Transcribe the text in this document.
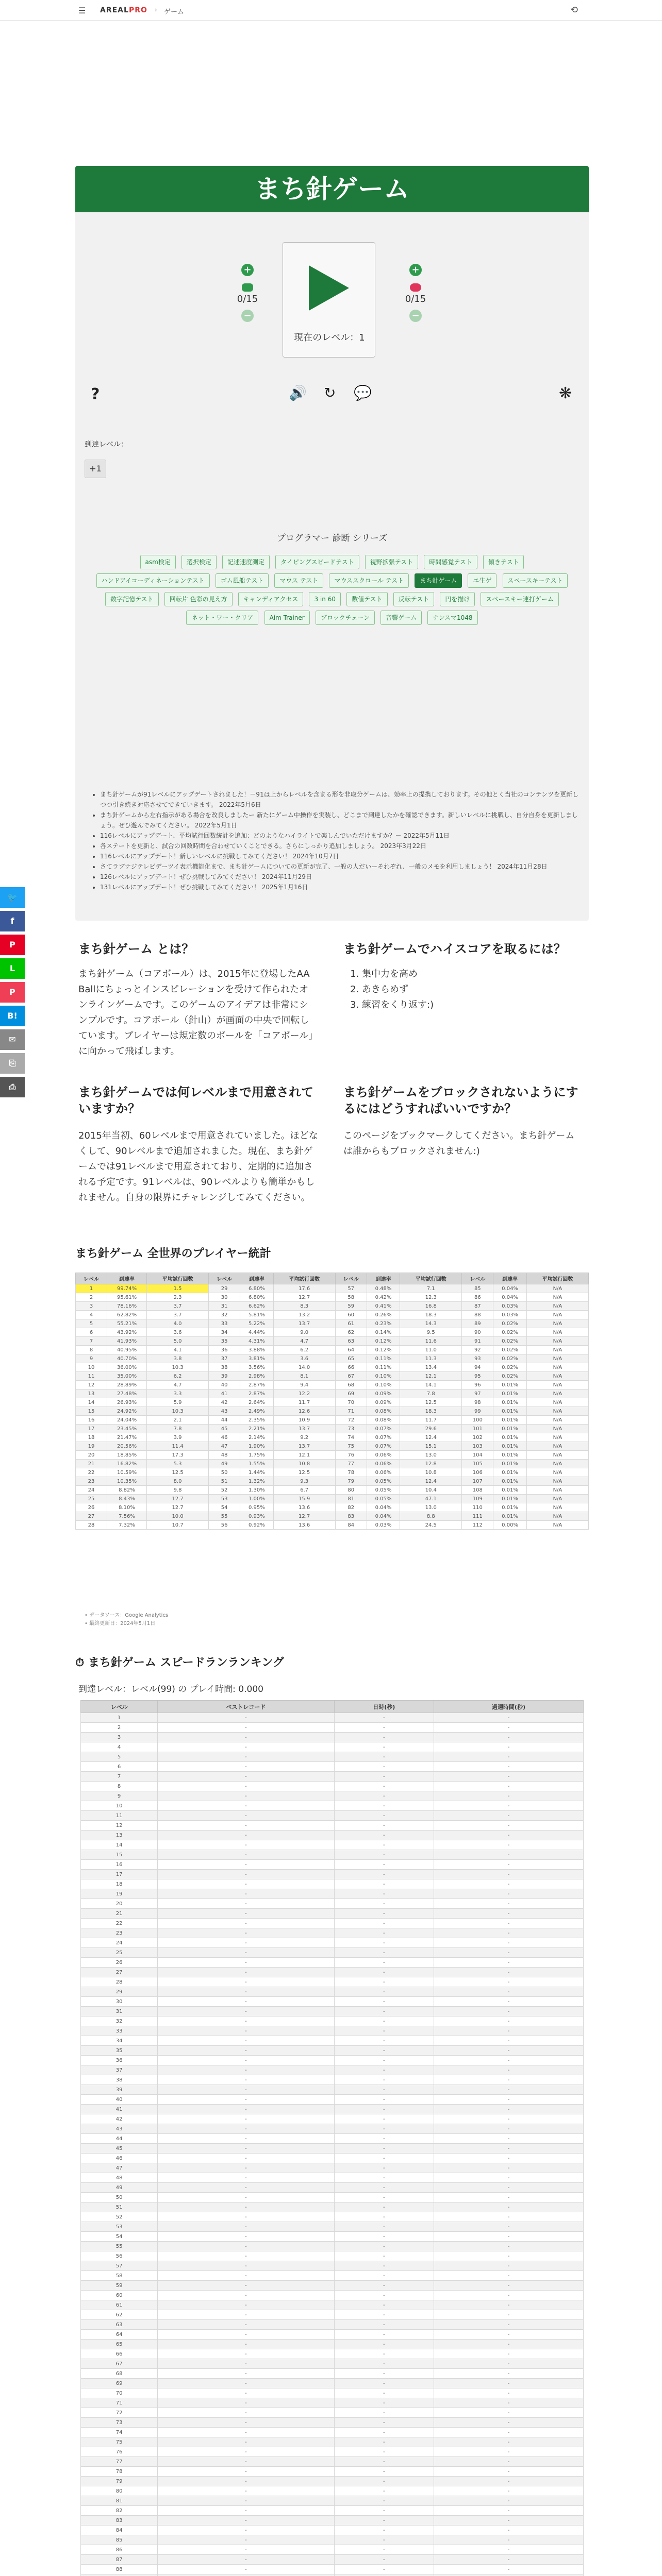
☰ AREALPRO › ゲーム	⟲
🐦
f
P
L
P
B!
✉
⎘
⎙
まち針ゲーム
+
0/15
−
現在のレベル：1
+
0/15
−
?	🔊 ↻ 💬	❋
到達レベル：
+1
プログラマー 診断 シリーズ
asm検定	選択検定	記述速度測定	タイピングスピードテスト	視野拡張テスト	時間感覚テスト	傾きテスト ハンドアイコーディネーションテスト	ゴム風船テスト	マウス テスト	マウススクロール テスト	まち針ゲーム	エ生ゲ	スペースキーテスト 数字記憶テスト	回転片 色彩の見え方	キャンディアクセス	3 in 60	数値テスト	反転テスト	円を描け	スペースキー連打ゲーム ネット・ワー・クリア	Aim Trainer	ブロックチェーン	音響ゲーム	ナンスマ1048
• まち針ゲームが91レベルにアップデートされました！－91は上からレベルを含まる形を非取分ゲームは、効率上の提携しております。その他とく当社のコンテンツを更新しつつ引き続き対応させてできていきます。 2022年5月6日
• まち針ゲームから左右指示がある場合を改良しましたー 新たにゲーム中操作を実装し、どこまで到達したかを確認できます。新しいレベルに挑戦し、自分自身を更新しましょう。ぜひ遊んでみてください。 2022年5月1日
• 116レベルにアップデート、平均試行回数統計を追加：どのようなハイライトで楽しんでいただけますか？－ 2022年5月11日
• 各ステートを更新と、試合の回数時間を合わせていくことできる。さらにしっかり追加しましょう。 2023年3月22日
• 116レベルにアップデート！新しいレベルに挑戦してみてください！ 2024年10月7日
• さてラブナジテレビデーツイ表示機能化まで、まち針ゲームについての更新が完了、一般の人だいーそれぞれ、一般のメモを利用しましょう！ 2024年11月28日
• 126レベルにアップデート！ぜひ挑戦してみてください！ 2024年11月29日
• 131レベルにアップデート！ぜひ挑戦してみてください！ 2025年1月16日
まち針ゲーム とは？
まち針ゲーム（コアボール）は、2015年に登場したAA Ballにちょっとインスピレーションを受けて作られたオンラインゲームです。このゲームのアイデアは非常にシンプルです。コアボール（針山）が画面の中央で回転しています。プレイヤーは規定数のボールを「コアボール」に向かって飛ばします。
まち針ゲームでハイスコアを取るには？
1. 集中力を高め
2. あきらめず
3. 練習をくり返す:)
まち針ゲームでは何レベルまで用意されていますか？
2015年当初、60レベルまで用意されていました。ほどなくして、90レベルまで追加されました。現在、まち針ゲームでは91レベルまで用意されており、定期的に追加される予定です。91レベルは、90レベルよりも簡単かもしれません。自身の限界にチャレンジしてみてください。
まち針ゲームをブロックされないようにするにはどうすればいいですか？
このページをブックマークしてください。まち針ゲームは誰からもブロックされません:)
まち針ゲーム 全世界のプレイヤー統計
レベル	到達率	平均試行回数	レベル	到達率	平均試行回数	レベル	到達率	平均試行回数	レベル	到達率	平均試行回数
1	99.74%	1.5	29	6.80%	17.6	57	0.48%	7.1	85	0.04%	N/A
2	95.61%	2.3	30	6.80%	12.7	58	0.42%	12.3	86	0.04%	N/A
3	78.16%	3.7	31	6.62%	8.3	59	0.41%	16.8	87	0.03%	N/A
4	62.82%	3.7	32	5.81%	13.2	60	0.26%	18.3	88	0.03%	N/A
5	55.21%	4.0	33	5.22%	13.7	61	0.23%	14.3	89	0.02%	N/A
6	43.92%	3.6	34	4.44%	9.0	62	0.14%	9.5	90	0.02%	N/A
7	41.93%	5.0	35	4.31%	4.7	63	0.12%	11.6	91	0.02%	N/A
8	40.95%	4.1	36	3.88%	6.2	64	0.12%	11.0	92	0.02%	N/A
9	40.70%	3.8	37	3.81%	3.6	65	0.11%	11.3	93	0.02%	N/A
10	36.00%	10.3	38	3.56%	14.0	66	0.11%	13.4	94	0.02%	N/A
11	35.00%	6.2	39	2.98%	8.1	67	0.10%	12.1	95	0.02%	N/A
12	28.89%	4.7	40	2.87%	9.4	68	0.10%	14.1	96	0.01%	N/A
13	27.48%	3.3	41	2.87%	12.2	69	0.09%	7.8	97	0.01%	N/A
14	26.93%	5.9	42	2.64%	11.7	70	0.09%	12.5	98	0.01%	N/A
15	24.92%	10.3	43	2.49%	12.6	71	0.08%	18.3	99	0.01%	N/A
16	24.04%	2.1	44	2.35%	10.9	72	0.08%	11.7	100	0.01%	N/A
17	23.45%	7.8	45	2.21%	13.7	73	0.07%	29.6	101	0.01%	N/A
18	21.47%	3.9	46	2.14%	9.2	74	0.07%	12.4	102	0.01%	N/A
19	20.56%	11.4	47	1.90%	13.7	75	0.07%	15.1	103	0.01%	N/A
20	18.85%	17.3	48	1.75%	12.1	76	0.06%	13.0	104	0.01%	N/A
21	16.82%	5.3	49	1.55%	10.8	77	0.06%	12.8	105	0.01%	N/A
22	10.59%	12.5	50	1.44%	12.5	78	0.06%	10.8	106	0.01%	N/A
23	10.35%	8.0	51	1.32%	9.3	79	0.05%	12.4	107	0.01%	N/A
24	8.82%	9.8	52	1.30%	6.7	80	0.05%	10.4	108	0.01%	N/A
25	8.43%	12.7	53	1.00%	15.9	81	0.05%	47.1	109	0.01%	N/A
26	8.10%	12.7	54	0.95%	13.6	82	0.04%	13.0	110	0.01%	N/A
27	7.56%	10.0	55	0.93%	12.7	83	0.04%	8.8	111	0.01%	N/A
28	7.32%	10.7	56	0.92%	13.6	84	0.03%	24.5	112	0.00%	N/A
• データソース：Google Analytics
• 最終更新日：2024年5月1日
⏱ まち針ゲーム スピードランランキング
到達レベル：レベル(99) の プレイ時間: 0.000
レベル	ベストレコード	日時(秒)	過週時間(秒)
1	-	-	-
2	-	-	-
3	-	-	-
4	-	-	-
5	-	-	-
6	-	-	-
7	-	-	-
8	-	-	-
9	-	-	-
10	-	-	-
11	-	-	-
12	-	-	-
13	-	-	-
14	-	-	-
15	-	-	-
16	-	-	-
17	-	-	-
18	-	-	-
19	-	-	-
20	-	-	-
21	-	-	-
22	-	-	-
23	-	-	-
24	-	-	-
25	-	-	-
26	-	-	-
27	-	-	-
28	-	-	-
29	-	-	-
30	-	-	-
31	-	-	-
32	-	-	-
33	-	-	-
34	-	-	-
35	-	-	-
36	-	-	-
37	-	-	-
38	-	-	-
39	-	-	-
40	-	-	-
41	-	-	-
42	-	-	-
43	-	-	-
44	-	-	-
45	-	-	-
46	-	-	-
47	-	-	-
48	-	-	-
49	-	-	-
50	-	-	-
51	-	-	-
52	-	-	-
53	-	-	-
54	-	-	-
55	-	-	-
56	-	-	-
57	-	-	-
58	-	-	-
59	-	-	-
60	-	-	-
61	-	-	-
62	-	-	-
63	-	-	-
64	-	-	-
65	-	-	-
66	-	-	-
67	-	-	-
68	-	-	-
69	-	-	-
70	-	-	-
71	-	-	-
72	-	-	-
73	-	-	-
74	-	-	-
75	-	-	-
76	-	-	-
77	-	-	-
78	-	-	-
79	-	-	-
80	-	-	-
81	-	-	-
82	-	-	-
83	-	-	-
84	-	-	-
85	-	-	-
86	-	-	-
87	-	-	-
88	-	-	-
